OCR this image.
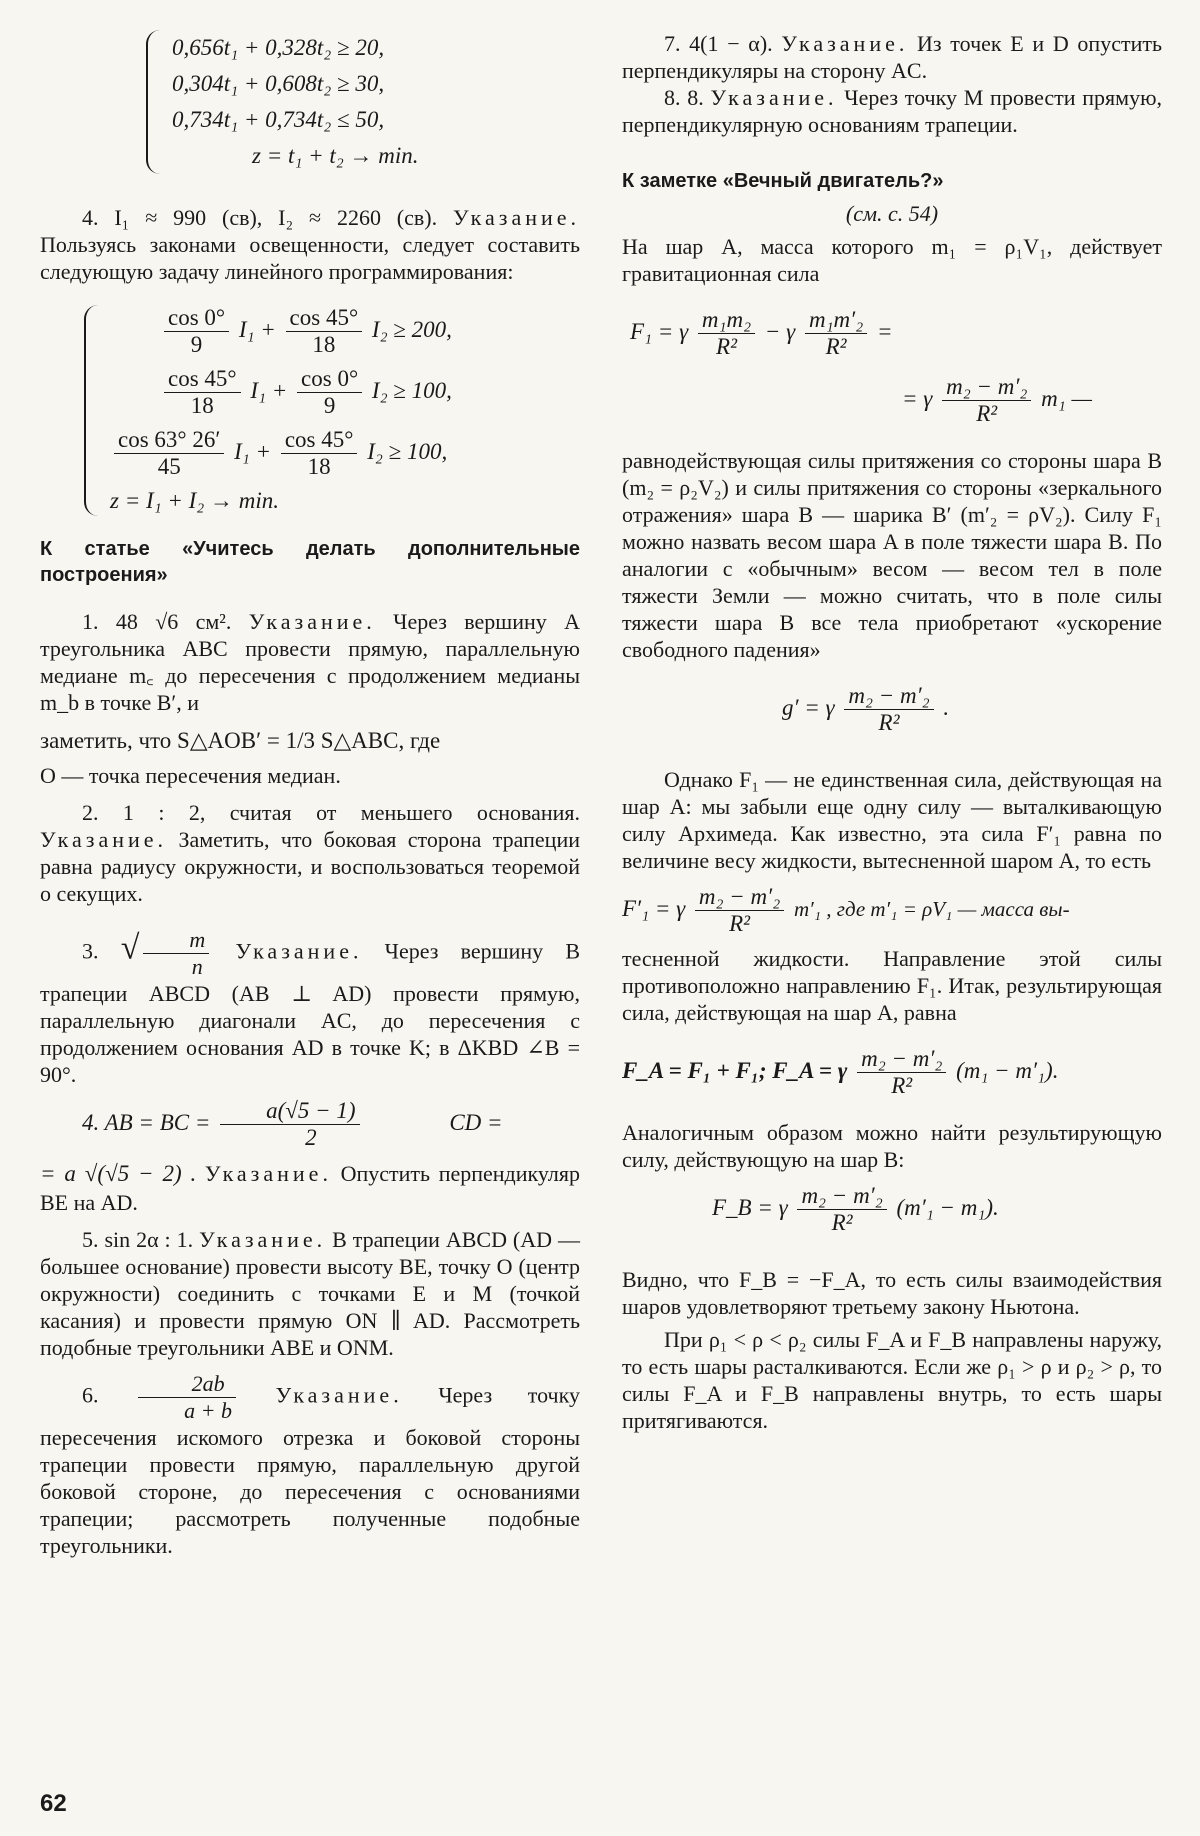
0,656t₁ + 0,328t₂ ≥ 20,
0,304t₁ + 0,608t₂ ≥ 30,
0,734t₁ + 0,734t₂ ≤ 50,
z = t₁ + t₂ → min.

4. I₁ ≈ 990 (св), I₂ ≈ 2260 (св). Указание. Пользуясь законами освещенности, следует составить следующую задачу линейного программирования:

$\frac{\cos 0^\circ}{9} I_1 + \frac{\cos 45^\circ}{18} I_2 \ge 200$,
$\frac{\cos 45^\circ}{18} I_1 + \frac{\cos 0^\circ}{9} I_2 \ge 100$,
$\frac{\cos 63^\circ 26'}{45} I_1 + \frac{\cos 45^\circ}{18} I_2 \ge 100$,
z = I₁ + I₂ → min.

К статье «Учитесь делать дополнительные построения»

1. 48 √6 см². Указание. Через вершину A треугольника ABC провести прямую, параллельную медиане m꜀ до пересечения с продолжением медианы m_b в точке B′, и

заметить, что S△AOB′ = 1/3 S△ABC, где

O — точка пересечения медиан.

2. 1 : 2, считая от меньшего основания. Указание. Заметить, что боковая сторона трапеции равна радиусу окружности, и воспользоваться теоремой о секущих.

3. √ $\frac{m}{n}$ Указание. Через вершину B трапеции ABCD (AB ⊥ AD) провести прямую, параллельную диагонали AC, до пересечения с продолжением основания AD в точке K; в ΔKBD ∠B = 90°.

4. AB = BC = $\frac{a(√5 - 1)}{2}$	CD =

= a √(√5 − 2) . Указание. Опустить перпендикуляр BE на AD.

5. sin 2α : 1. Указание. В трапеции ABCD (AD — большее основание) провести высоту BE, точку O (центр окружности) соединить с точками E и M (точкой касания) и провести прямую ON ∥ AD. Рассмотреть подобные треугольники ABE и ONM.

6. $\frac{2ab}{a + b}$ Указание. Через точку пересечения искомого отрезка и боковой стороны трапеции провести прямую, параллельную другой боковой стороне, до пересечения с основаниями трапеции; рассмотреть полученные подобные треугольники.

7. 4(1 − α). Указание. Из точек E и D опустить перпендикуляры на сторону AC.

8. 8. Указание. Через точку M провести прямую, перпендикулярную основаниям трапеции.

К заметке «Вечный двигатель?»

(см. с. 54)

На шар A, масса которого m₁ = ρ₁V₁, действует гравитационная сила

F₁ = γ $\frac{\text{m₁m₂}}{\text{R²}} - \gamma \frac{\text{m₁m′₂}}{\text{R²}}$ =
= γ $\frac{\text{m₂ − m′₂}}{\text{R²}} m_1$ —

равнодействующая силы притяжения со стороны шара B (m₂ = ρ₂V₂) и силы притяжения со стороны «зеркального отражения» шара B — шарика B′ (m′₂ = ρV₂). Силу F₁ можно назвать весом шара A в поле тяжести шара B. По аналогии с «обычным» весом — весом тел в поле тяжести Земли — можно считать, что в поле силы тяжести шара B все тела приобретают «ускорение свободного падения»

g′ = γ $\frac{\text{m₂ − m′₂}}{\text{R²}}$ .

Однако F₁ — не единственная сила, действующая на шар A: мы забыли еще одну силу — выталкивающую силу Архимеда. Как известно, эта сила F′₁ равна по величине весу жидкости, вытесненной шаром A, то есть

F′₁ = γ $\frac{\text{m₂ − m′₂}}{\text{R²}} m'_1$ , где m′₁ = ρV₁ — масса вы-

тесненной жидкости. Направление этой силы противоположно направлению F₁. Итак, результирующая сила, действующая на шар A, равна

F_A = F₁ + F₁; F_A = γ $\frac{\text{m₂ − m′₂}}{\text{R²}} (m_1 - m'_1)$.

Аналогичным образом можно найти результирующую силу, действующую на шар B:

F_B = γ $\frac{\text{m₂ − m′₂}}{\text{R²}} (m'_1 - m_1)$.

Видно, что F_B = −F_A, то есть силы взаимодействия шаров удовлетворяют третьему закону Ньютона.

При ρ₁ < ρ < ρ₂ силы F_A и F_B направлены наружу, то есть шары расталкиваются. Если же ρ₁ > ρ и ρ₂ > ρ, то силы F_A и F_B направлены внутрь, то есть шары притягиваются.

62
